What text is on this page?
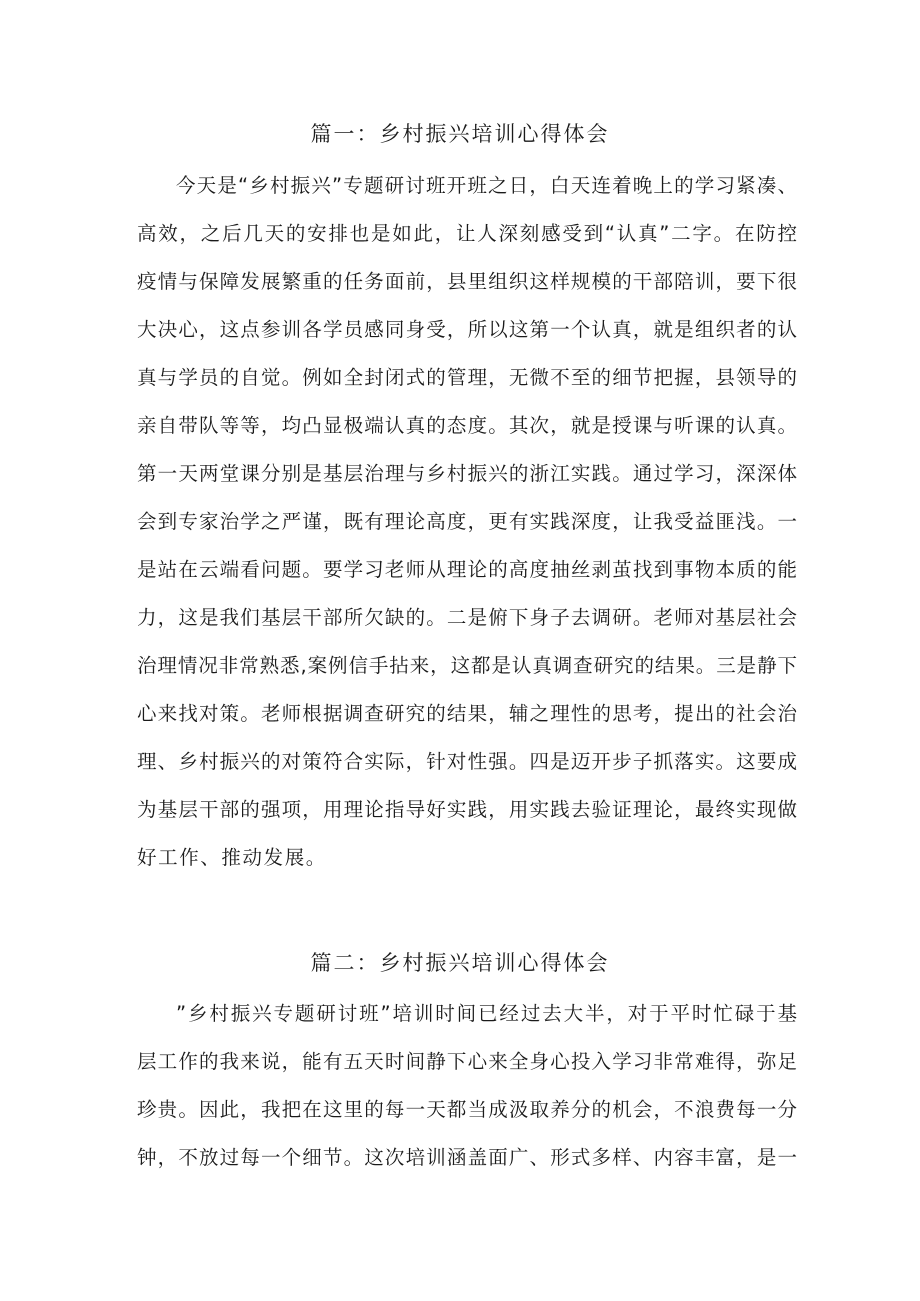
篇一：乡村振兴培训心得体会
今天是“乡村振兴”专题研讨班开班之日，白天连着晚上的学习紧凑、
高效，之后几天的安排也是如此，让人深刻感受到“认真”二字。在防控
疫情与保障发展繁重的任务面前，县里组织这样规模的干部陪训，要下很
大决心，这点参训各学员感同身受，所以这第一个认真，就是组织者的认
真与学员的自觉。例如全封闭式的管理，无微不至的细节把握，县领导的
亲自带队等等，均凸显极端认真的态度。其次，就是授课与听课的认真。
第一天两堂课分别是基层治理与乡村振兴的浙江实践。通过学习，深深体
会到专家治学之严谨，既有理论高度，更有实践深度，让我受益匪浅。一
是站在云端看问题。要学习老师从理论的高度抽丝剥茧找到事物本质的能
力，这是我们基层干部所欠缺的。二是俯下身子去调研。老师对基层社会
治理情况非常熟悉,案例信手拈来，这都是认真调查研究的结果。三是静下
心来找对策。老师根据调查研究的结果，辅之理性的思考，提出的社会治
理、乡村振兴的对策符合实际，针对性强。四是迈开步子抓落实。这要成
为基层干部的强项，用理论指导好实践，用实践去验证理论，最终实现做
好工作、推动发展。
篇二：乡村振兴培训心得体会
”乡村振兴专题研讨班”培训时间已经过去大半，对于平时忙碌于基
层工作的我来说，能有五天时间静下心来全身心投入学习非常难得，弥足
珍贵。因此，我把在这里的每一天都当成汲取养分的机会，不浪费每一分
钟，不放过每一个细节。这次培训涵盖面广、形式多样、内容丰富，是一
